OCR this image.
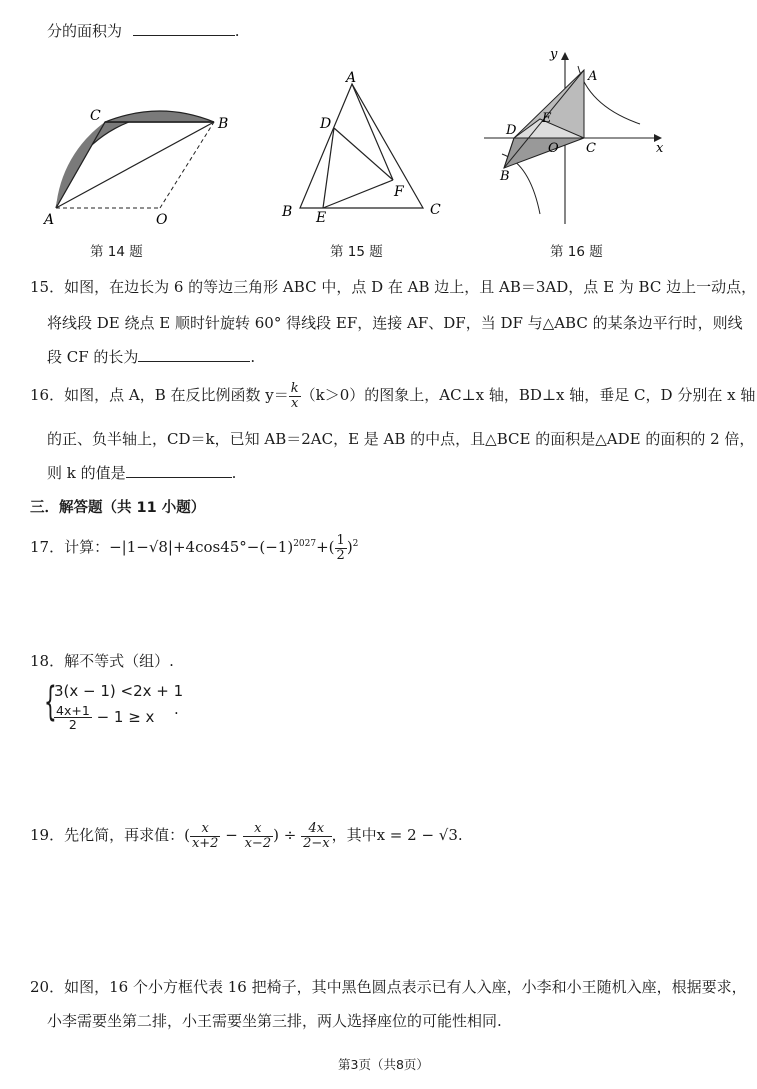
分的面积为	.
A
C	B
O
第 14 题
A
D
F
B E	C
第 15 题
y
A
E
D
O C
B
x
第 16 题
15．如图，在边长为 6 的等边三角形 ABC 中，点 D 在 AB 边上，且 AB＝3AD，点 E 为 BC 边上一动点，
将线段 DE 绕点 E 顺时针旋转 60° 得线段 EF，连接 AF、DF，当 DF 与△ABC 的某条边平行时，则线
段 CF 的长为	.
16．如图，点 A，B 在反比例函数 $y= \frac{k}{x} (k>0)$的图象上，AC⊥x 轴，BD⊥x 轴，垂足 C，D 分别在 x 轴
的正、负半轴上，CD＝k，已知 AB＝2AC，E 是 AB 的中点，且△BCE 的面积是△ADE 的面积的 2 倍，
则 k 的值是	.
三．解答题（共 11 小题）
17．计算：$-|1-√8|+4\cos 45^\circ-(-1)^{2027}+( \frac{1}{2} )^2$
18．解不等式（组）.
{
3(x − 1) <2x + 1
$\frac{4x+1}{2} - 1 \ge x$ .
19．先化简，再求值：( $\frac{x}{x+2} - \frac{x}{x-2}$ ) ÷ $\frac{4x}{2-x}$ ，其中x = 2 − √3.
20．如图，16 个小方框代表 16 把椅子，其中黑色圆点表示已有人入座，小李和小王随机入座，根据要求，
小李需要坐第二排，小王需要坐第三排，两人选择座位的可能性相同.
第3页（共8页）
